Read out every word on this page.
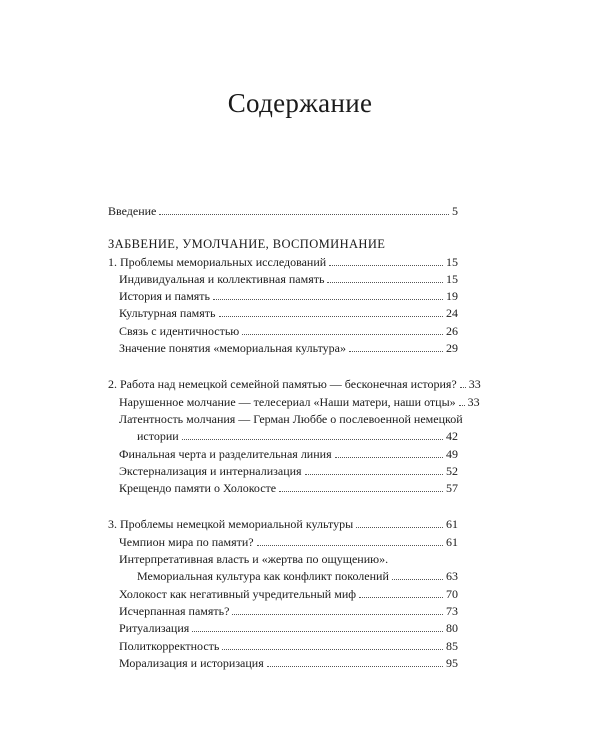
Содержание
Введение	5
ЗАБВЕНИЕ, УМОЛЧАНИЕ, ВОСПОМИНАНИЕ
1. Проблемы мемориальных исследований	15
Индивидуальная и коллективная память	15
История и память	19
Культурная память	24
Связь с идентичностью	26
Значение понятия «мемориальная культура»	29
2. Работа над немецкой семейной памятью — бесконечная история? 33
Нарушенное молчание — телесериал «Наши матери, наши отцы» 33
Латентность молчания — Герман Люббе о послевоенной немецкой
истории	42
Финальная черта и разделительная линия	49
Экстернализация и интернализация	52
Крещендо памяти о Холокосте	57
3. Проблемы немецкой мемориальной культуры	61
Чемпион мира по памяти?	61
Интерпретативная власть и «жертва по ощущению».
Мемориальная культура как конфликт поколений	63
Холокост как негативный учредительный миф	70
Исчерпанная память?	73
Ритуализация	80
Политкорректность	85
Морализация и историзация	95
